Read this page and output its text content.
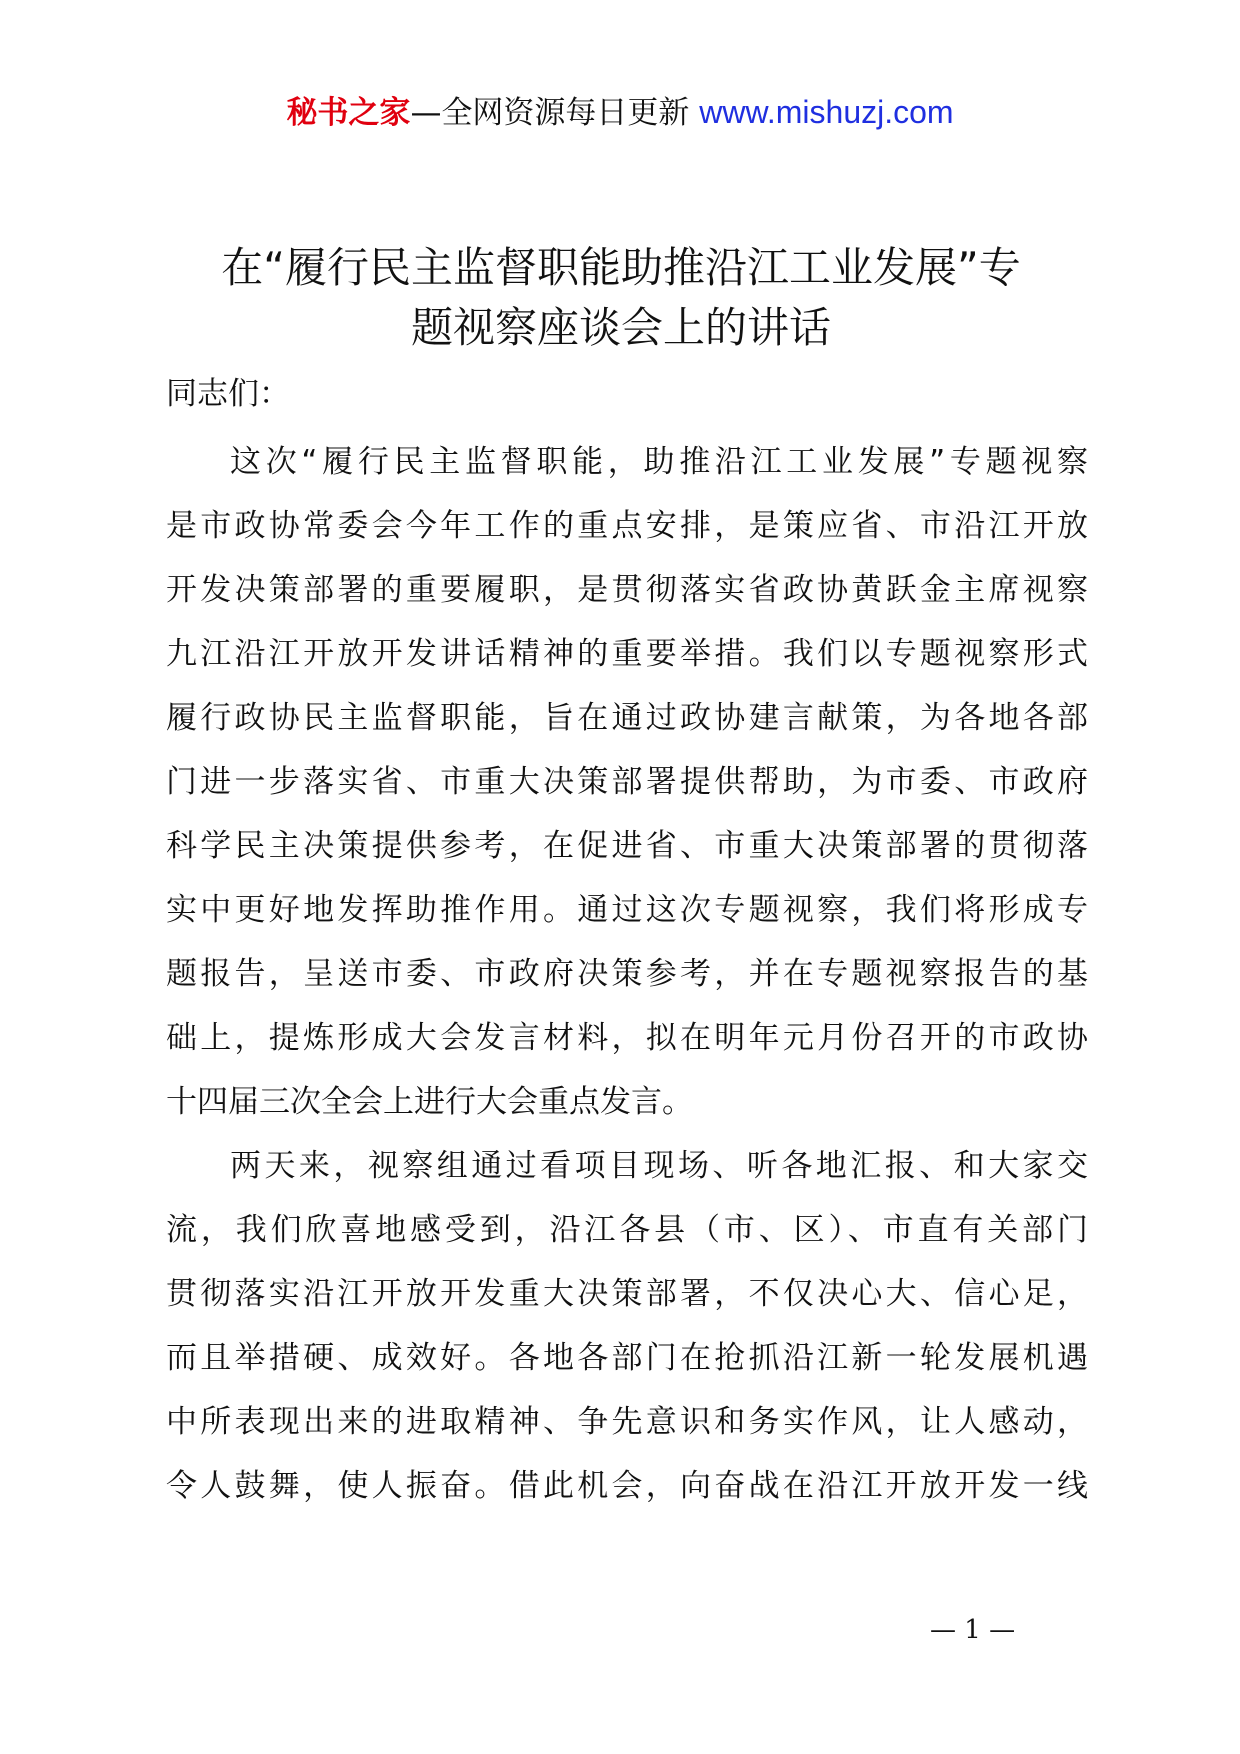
秘书之家—全网资源每日更新 www.mishuzj.com
在“履行民主监督职能助推沿江工业发展”专
题视察座谈会上的讲话

同志们：

这次“履行民主监督职能，助推沿江工业发展”专题视察
是市政协常委会今年工作的重点安排，是策应省、市沿江开放
开发决策部署的重要履职，是贯彻落实省政协黄跃金主席视察
九江沿江开放开发讲话精神的重要举措。我们以专题视察形式
履行政协民主监督职能，旨在通过政协建言献策，为各地各部
门进一步落实省、市重大决策部署提供帮助，为市委、市政府
科学民主决策提供参考，在促进省、市重大决策部署的贯彻落
实中更好地发挥助推作用。通过这次专题视察，我们将形成专
题报告，呈送市委、市政府决策参考，并在专题视察报告的基
础上，提炼形成大会发言材料，拟在明年元月份召开的市政协
十四届三次全会上进行大会重点发言。
两天来，视察组通过看项目现场、听各地汇报、和大家交
流，我们欣喜地感受到，沿江各县（市、区）、市直有关部门
贯彻落实沿江开放开发重大决策部署，不仅决心大、信心足，
而且举措硬、成效好。各地各部门在抢抓沿江新一轮发展机遇
中所表现出来的进取精神、争先意识和务实作风，让人感动，
令人鼓舞，使人振奋。借此机会，向奋战在沿江开放开发一线
— 1 —
